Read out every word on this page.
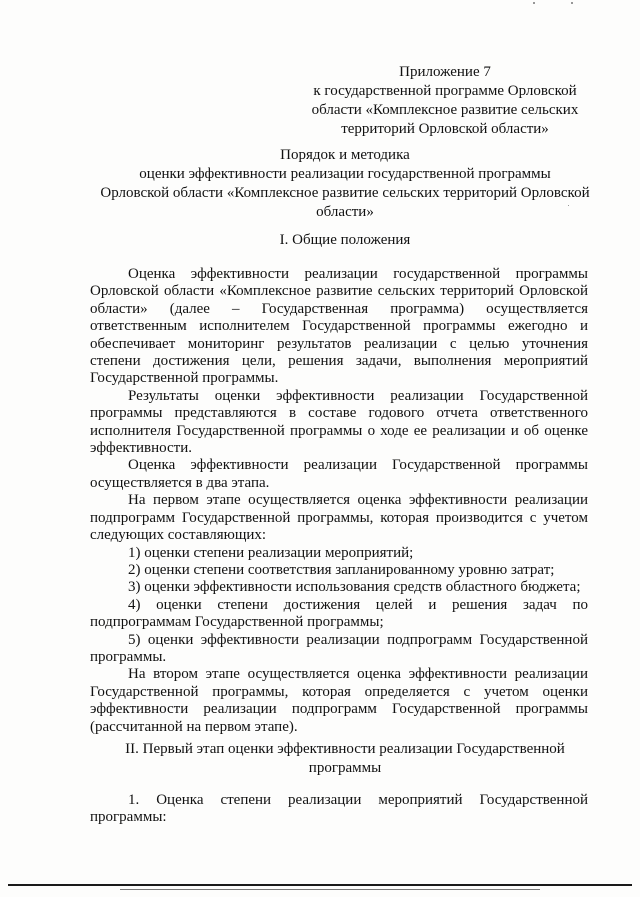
Приложение 7
к государственной программе Орловской
области «Комплексное развитие сельских
территорий Орловской области»
Порядок и методика
оценки эффективности реализации государственной программы
Орловской области «Комплексное развитие сельских территорий Орловской
области»
I. Общие положения

Оценка эффективности реализации государственной программы Орловской области «Комплексное развитие сельских территорий Орловской области» (далее – Государственная программа) осуществляется ответственным исполнителем Государственной программы ежегодно и обеспечивает мониторинг результатов реализации с целью уточнения степени достижения цели, решения задачи, выполнения мероприятий Государственной программы.

Результаты оценки эффективности реализации Государственной программы представляются в составе годового отчета ответственного исполнителя Государственной программы о ходе ее реализации и об оценке эффективности.

Оценка эффективности реализации Государственной программы осуществляется в два этапа.

На первом этапе осуществляется оценка эффективности реализации подпрограмм Государственной программы, которая производится с учетом следующих составляющих:

1) оценки степени реализации мероприятий;

2) оценки степени соответствия запланированному уровню затрат;

3) оценки эффективности использования средств областного бюджета;

4) оценки степени достижения целей и решения задач по подпрограммам Государственной программы;

5) оценки эффективности реализации подпрограмм Государственной программы.

На втором этапе осуществляется оценка эффективности реализации Государственной программы, которая определяется с учетом оценки эффективности реализации подпрограмм Государственной программы (рассчитанной на первом этапе).

II. Первый этап оценки эффективности реализации Государственной
программы

1. Оценка степени реализации мероприятий Государственной программы:
